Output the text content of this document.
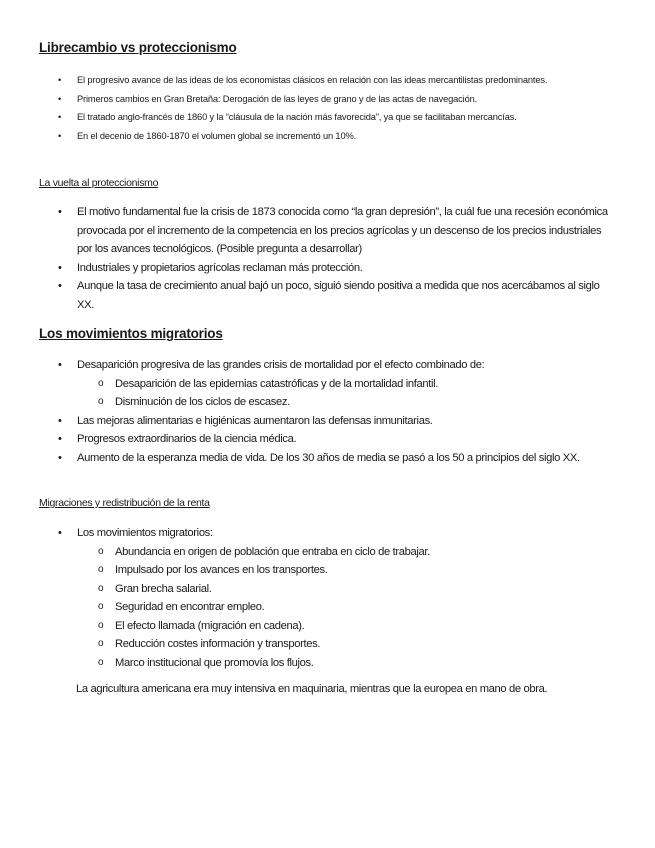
Librecambio vs proteccionismo
• El progresivo avance de las ideas de los economistas clásicos en relación con las ideas mercantilistas predominantes.
• Primeros cambios en Gran Bretaña: Derogación de las leyes de grano y de las actas de navegación.
• El tratado anglo-francés de 1860 y la “cláusula de la nación más favorecida”, ya que se facilitaban mercancías.
• En el decenio de 1860-1870 el volumen global se incrementó un 10%.
La vuelta al proteccionismo
• El motivo fundamental fue la crisis de 1873 conocida como “la gran depresión”, la cuál fue una recesión económica provocada por el incremento de la competencia en los precios agrícolas y un descenso de los precios industriales por los avances tecnológicos. (Posible pregunta a desarrollar)
• Industriales y propietarios agrícolas reclaman más protección.
• Aunque la tasa de crecimiento anual bajó un poco, siguió siendo positiva a medida que nos acercábamos al siglo XX.
Los movimientos migratorios
• Desaparición progresiva de las grandes crisis de mortalidad por el efecto combinado de:
o Desaparición de las epidemias catastróficas y de la mortalidad infantil.
o Disminución de los ciclos de escasez.
• Las mejoras alimentarias e higiénicas aumentaron las defensas inmunitarias.
• Progresos extraordinarios de la ciencia médica.
• Aumento de la esperanza media de vida. De los 30 años de media se pasó a los 50 a principios del siglo XX.
Migraciones y redistribución de la renta
• Los movimientos migratorios:
o Abundancia en origen de población que entraba en ciclo de trabajar.
o Impulsado por los avances en los transportes.
o Gran brecha salarial.
o Seguridad en encontrar empleo.
o El efecto llamada (migración en cadena).
o Reducción costes información y transportes.
o Marco institucional que promovía los flujos.
La agricultura americana era muy intensiva en maquinaria, mientras que la europea en mano de obra.
